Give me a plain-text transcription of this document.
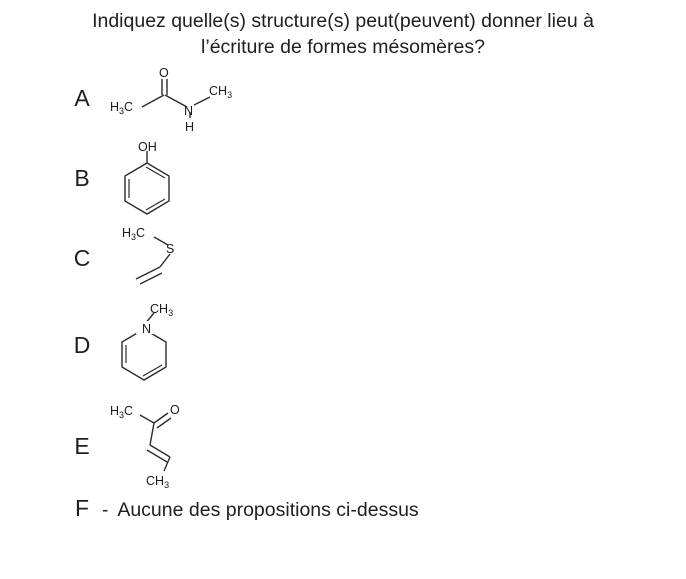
Indiquez quelle(s) structure(s) peut(peuvent) donner lieu à
l’écriture de formes mésomères?
A	$H_3C$
O
N
H
$CH_3$
B
OH
C
$H_3C$
S
D
N
$CH_3$
E
$H_3C$	O
$CH_3$
F - Aucune des propositions ci-dessus
